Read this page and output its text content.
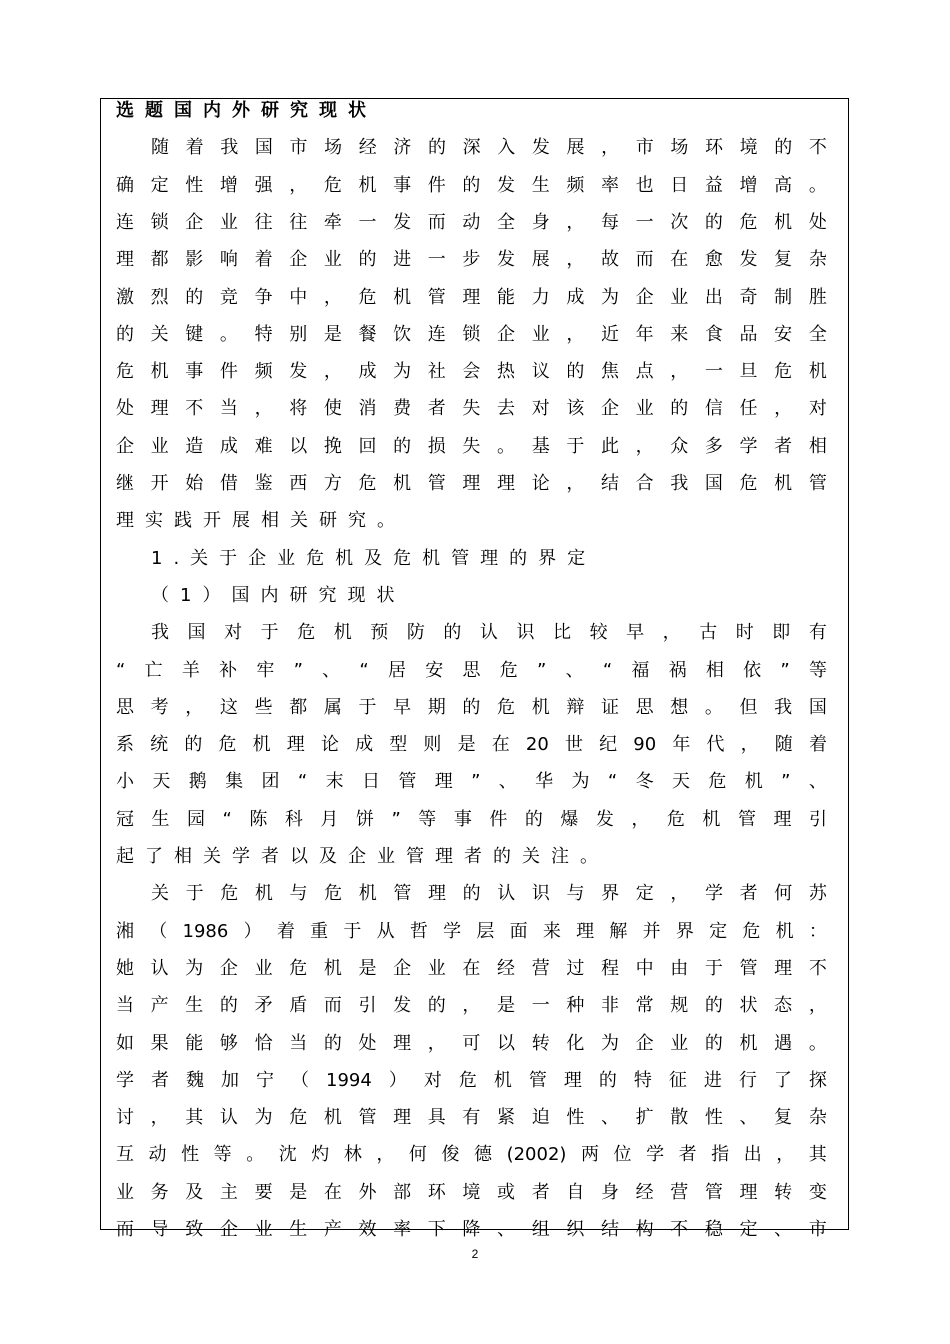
选题国内外研究现状
随 着 我 国 市 场 经 济 的 深 入 发 展 ， 市 场 环 境 的 不
确 定 性 增 强 ， 危 机 事 件 的 发 生 频 率 也 日 益 增 高 。
连 锁 企 业 往 往 牵 一 发 而 动 全 身 ， 每 一 次 的 危 机 处
理 都 影 响 着 企 业 的 进 一 步 发 展 ， 故 而 在 愈 发 复 杂
激 烈 的 竞 争 中 ， 危 机 管 理 能 力 成 为 企 业 出 奇 制 胜
的 关 键 。 特 别 是 餐 饮 连 锁 企 业 ， 近 年 来 食 品 安 全
危 机 事 件 频 发 ， 成 为 社 会 热 议 的 焦 点 ， 一 旦 危 机
处 理 不 当 ， 将 使 消 费 者 失 去 对 该 企 业 的 信 任 ， 对
企 业 造 成 难 以 挽 回 的 损 失 。 基 于 此 ， 众 多 学 者 相
继 开 始 借 鉴 西 方 危 机 管 理 理 论 ， 结 合 我 国 危 机 管
理实践开展相关研究。
1.关于企业危机及危机管理的界定
（1）国内研究现状
我 国 对 于 危 机 预 防 的 认 识 比 较 早 ， 古 时 即 有
“ 亡 羊 补 牢 ” 、 “ 居 安 思 危 ” 、 “ 福 祸 相 依 ” 等
思 考 ， 这 些 都 属 于 早 期 的 危 机 辩 证 思 想 。 但 我 国
系 统 的 危 机 理 论 成 型 则 是 在 20 世 纪 90 年 代 ， 随 着
小 天 鹅 集 团 “ 末 日 管 理 ” 、 华 为 “ 冬 天 危 机 ” 、
冠 生 园 “ 陈 科 月 饼 ” 等 事 件 的 爆 发 ， 危 机 管 理 引
起了相关学者以及企业管理者的关注。
关 于 危 机 与 危 机 管 理 的 认 识 与 界 定 ， 学 者 何 苏
湘 （ 1986 ） 着 重 于 从 哲 学 层 面 来 理 解 并 界 定 危 机 ：
她 认 为 企 业 危 机 是 企 业 在 经 营 过 程 中 由 于 管 理 不
当 产 生 的 矛 盾 而 引 发 的 ， 是 一 种 非 常 规 的 状 态 ，
如 果 能 够 恰 当 的 处 理 ， 可 以 转 化 为 企 业 的 机 遇 。
学 者 魏 加 宁 （ 1994 ） 对 危 机 管 理 的 特 征 进 行 了 探
讨 ， 其 认 为 危 机 管 理 具 有 紧 迫 性 、 扩 散 性 、 复 杂
互 动 性 等 。 沈 灼 林 ， 何 俊 德 (2002) 两 位 学 者 指 出 ， 其
业 务 及 主 要 是 在 外 部 环 境 或 者 自 身 经 营 管 理 转 变
而 导 致 企 业 生 产 效 率 下 降 、 组 织 结 构 不 稳 定 、 市
2
